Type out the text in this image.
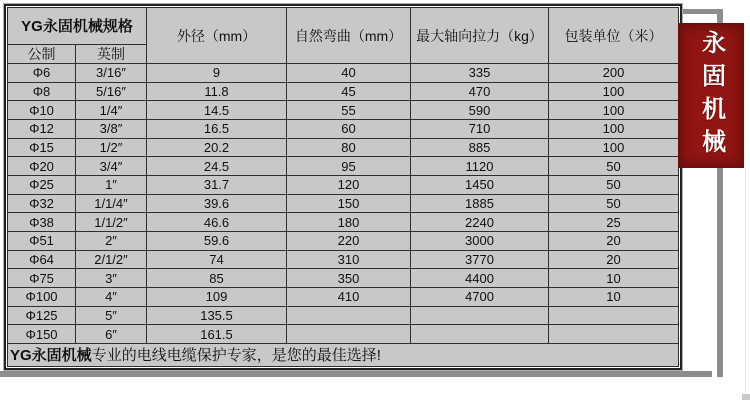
YG永固机械规格		外径（mm）	自然弯曲（mm）	最大轴向拉力（kg）	包装单位（米）
公制	英制				
Φ6	3/16″	9	40	335	200
Φ8	5/16″	11.8	45	470	100
Φ10	1/4″	14.5	55	590	100
Φ12	3/8″	16.5	60	710	100
Φ15	1/2″	20.2	80	885	100
Φ20	3/4″	24.5	95	1120	50
Φ25	1″	31.7	120	1450	50
Φ32	1/1/4″	39.6	150	1885	50
Φ38	1/1/2″	46.6	180	2240	25
Φ51	2″	59.6	220	3000	20
Φ64	2/1/2″	74	310	3770	20
Φ75	3″	85	350	4400	10
Φ100	4″	109	410	4700	10
Φ125	5″	135.5			
Φ150	6″	161.5			
YG永固机械专业的电线电缆保护专家，是您的最佳选择!					
永固机械
